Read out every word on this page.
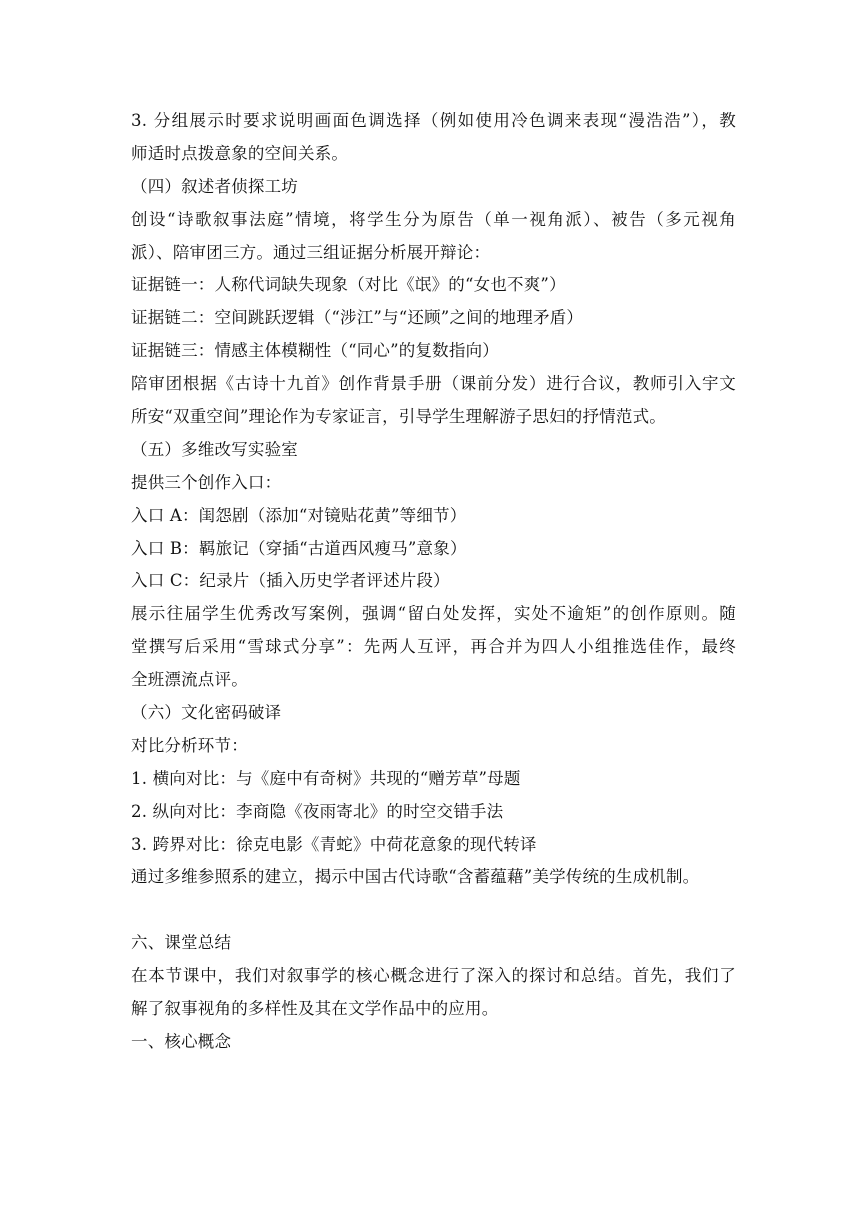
3. 分组展示时要求说明画面色调选择（例如使用冷色调来表现“漫浩浩”），教
师适时点拨意象的空间关系。
（四）叙述者侦探工坊
创设“诗歌叙事法庭”情境，将学生分为原告（单一视角派）、被告（多元视角
派）、陪审团三方。通过三组证据分析展开辩论：
证据链一：人称代词缺失现象（对比《氓》的“女也不爽”）
证据链二：空间跳跃逻辑（“涉江”与“还顾”之间的地理矛盾）
证据链三：情感主体模糊性（“同心”的复数指向）
陪审团根据《古诗十九首》创作背景手册（课前分发）进行合议，教师引入宇文
所安“双重空间”理论作为专家证言，引导学生理解游子思妇的抒情范式。
（五）多维改写实验室
提供三个创作入口：
入口 A：闺怨剧（添加“对镜贴花黄”等细节）
入口 B：羁旅记（穿插“古道西风瘦马”意象）
入口 C：纪录片（插入历史学者评述片段）
展示往届学生优秀改写案例，强调“留白处发挥，实处不逾矩”的创作原则。随
堂撰写后采用“雪球式分享”：先两人互评，再合并为四人小组推选佳作，最终
全班漂流点评。
（六）文化密码破译
对比分析环节：
1. 横向对比：与《庭中有奇树》共现的“赠芳草”母题
2. 纵向对比：李商隐《夜雨寄北》的时空交错手法
3. 跨界对比：徐克电影《青蛇》中荷花意象的现代转译
通过多维参照系的建立，揭示中国古代诗歌“含蓄蕴藉”美学传统的生成机制。
六、课堂总结
在本节课中，我们对叙事学的核心概念进行了深入的探讨和总结。首先，我们了
解了叙事视角的多样性及其在文学作品中的应用。
一、核心概念
